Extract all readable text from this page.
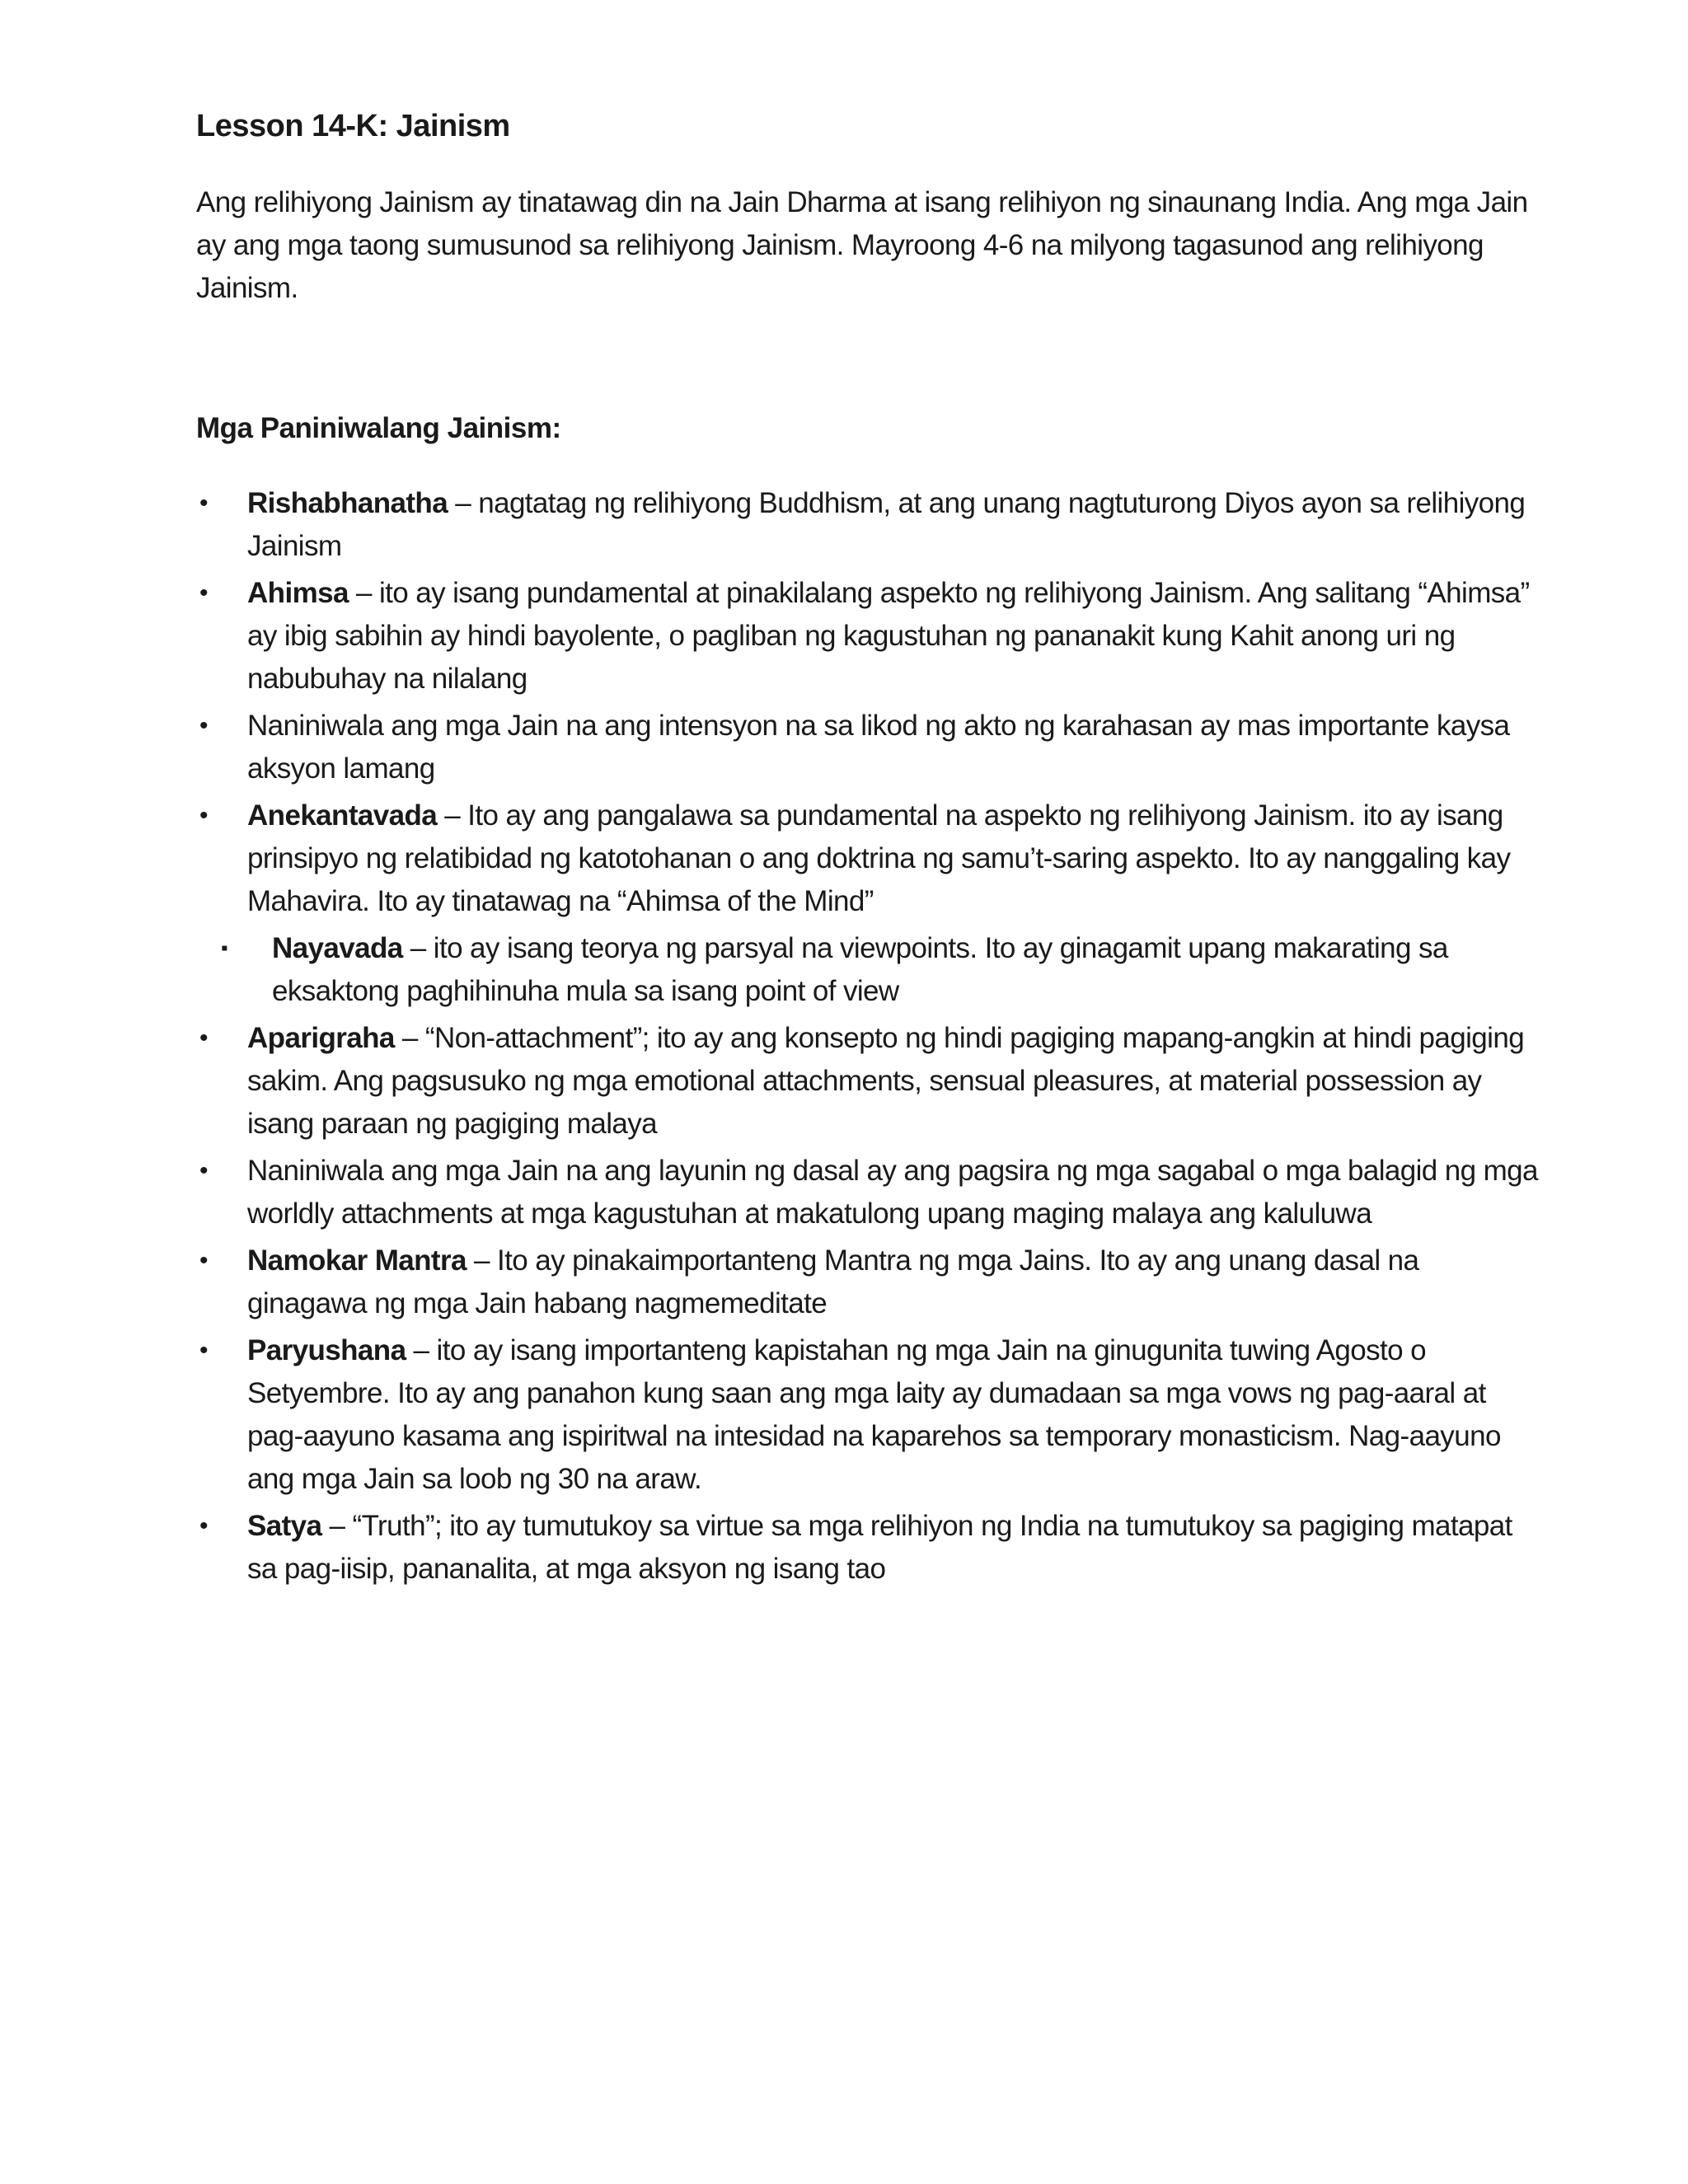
Lesson 14-K: Jainism

Ang relihiyong Jainism ay tinatawag din na Jain Dharma at isang relihiyon ng sinaunang India. Ang mga Jain
ay ang mga taong sumusunod sa relihiyong Jainism. Mayroong 4-6 na milyong tagasunod ang relihiyong
Jainism.

Mga Paniniwalang Jainism:
• Rishabhanatha – nagtatag ng relihiyong Buddhism, at ang unang nagtuturong Diyos ayon sa relihiyong
Jainism
• Ahimsa – ito ay isang pundamental at pinakilalang aspekto ng relihiyong Jainism. Ang salitang “Ahimsa”
ay ibig sabihin ay hindi bayolente, o pagliban ng kagustuhan ng pananakit kung Kahit anong uri ng
nabubuhay na nilalang
• Naniniwala ang mga Jain na ang intensyon na sa likod ng akto ng karahasan ay mas importante kaysa
aksyon lamang
• Anekantavada – Ito ay ang pangalawa sa pundamental na aspekto ng relihiyong Jainism. ito ay isang
prinsipyo ng relatibidad ng katotohanan o ang doktrina ng samu’t-saring aspekto. Ito ay nanggaling kay
Mahavira. Ito ay tinatawag na “Ahimsa of the Mind”
▪ Nayavada – ito ay isang teorya ng parsyal na viewpoints. Ito ay ginagamit upang makarating sa
eksaktong paghihinuha mula sa isang point of view
• Aparigraha – “Non-attachment”; ito ay ang konsepto ng hindi pagiging mapang-angkin at hindi pagiging
sakim. Ang pagsusuko ng mga emotional attachments, sensual pleasures, at material possession ay
isang paraan ng pagiging malaya
• Naniniwala ang mga Jain na ang layunin ng dasal ay ang pagsira ng mga sagabal o mga balagid ng mga
worldly attachments at mga kagustuhan at makatulong upang maging malaya ang kaluluwa
• Namokar Mantra – Ito ay pinakaimportanteng Mantra ng mga Jains. Ito ay ang unang dasal na
ginagawa ng mga Jain habang nagmemeditate
• Paryushana – ito ay isang importanteng kapistahan ng mga Jain na ginugunita tuwing Agosto o
Setyembre. Ito ay ang panahon kung saan ang mga laity ay dumadaan sa mga vows ng pag-aaral at
pag-aayuno kasama ang ispiritwal na intesidad na kaparehos sa temporary monasticism. Nag-aayuno
ang mga Jain sa loob ng 30 na araw.
• Satya – “Truth”; ito ay tumutukoy sa virtue sa mga relihiyon ng India na tumutukoy sa pagiging matapat
sa pag-iisip, pananalita, at mga aksyon ng isang tao
